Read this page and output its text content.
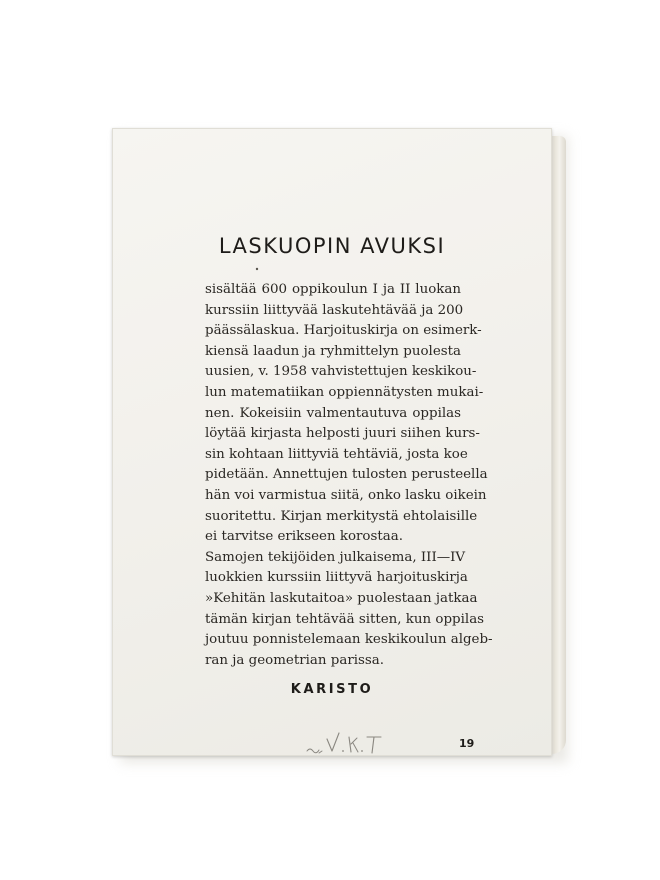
LASKUOPIN AVUKSI
sisältää 600 oppikoulun I ja II luokan
kurssiin liittyvää laskutehtävää ja 200
päässälaskua. Harjoituskirja on esimerk-
kiensä laadun ja ryhmittelyn puolesta
uusien, v. 1958 vahvistettujen keskikou-
lun matematiikan oppiennätysten mukai-
nen. Kokeisiin valmentautuva oppilas
löytää kirjasta helposti juuri siihen kurs-
sin kohtaan liittyviä tehtäviä, josta koe
pidetään. Annettujen tulosten perusteella
hän voi varmistua siitä, onko lasku oikein
suoritettu. Kirjan merkitystä ehtolaisille
ei tarvitse erikseen korostaa.
Samojen tekijöiden julkaisema, III—IV
luokkien kurssiin liittyvä harjoituskirja
»Kehitän laskutaitoa» puolestaan jatkaa
tämän kirjan tehtävää sitten, kun oppilas
joutuu ponnistelemaan keskikoulun algeb-
ran ja geometrian parissa.
KARISTO
19
